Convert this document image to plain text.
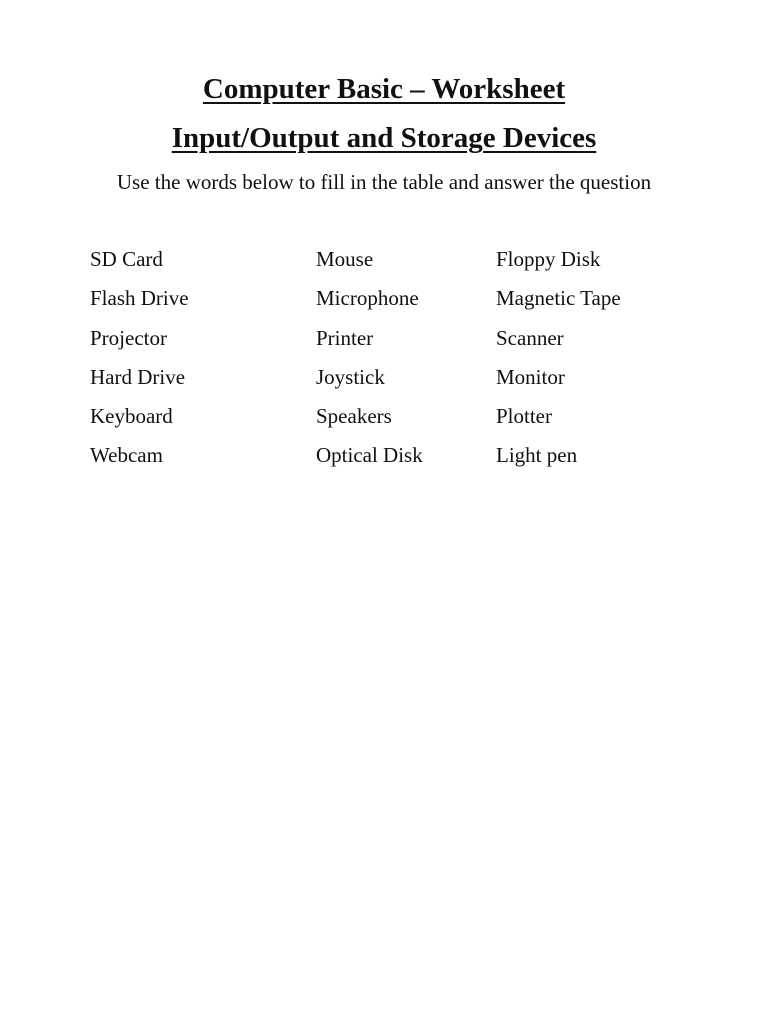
Computer Basic – Worksheet
Input/Output and Storage Devices
Use the words below to fill in the table and answer the question
SD Card	Mouse	Floppy Disk
Flash Drive	Microphone	Magnetic Tape
Projector	Printer	Scanner
Hard Drive	Joystick	Monitor
Keyboard	Speakers	Plotter
Webcam	Optical Disk	Light pen
